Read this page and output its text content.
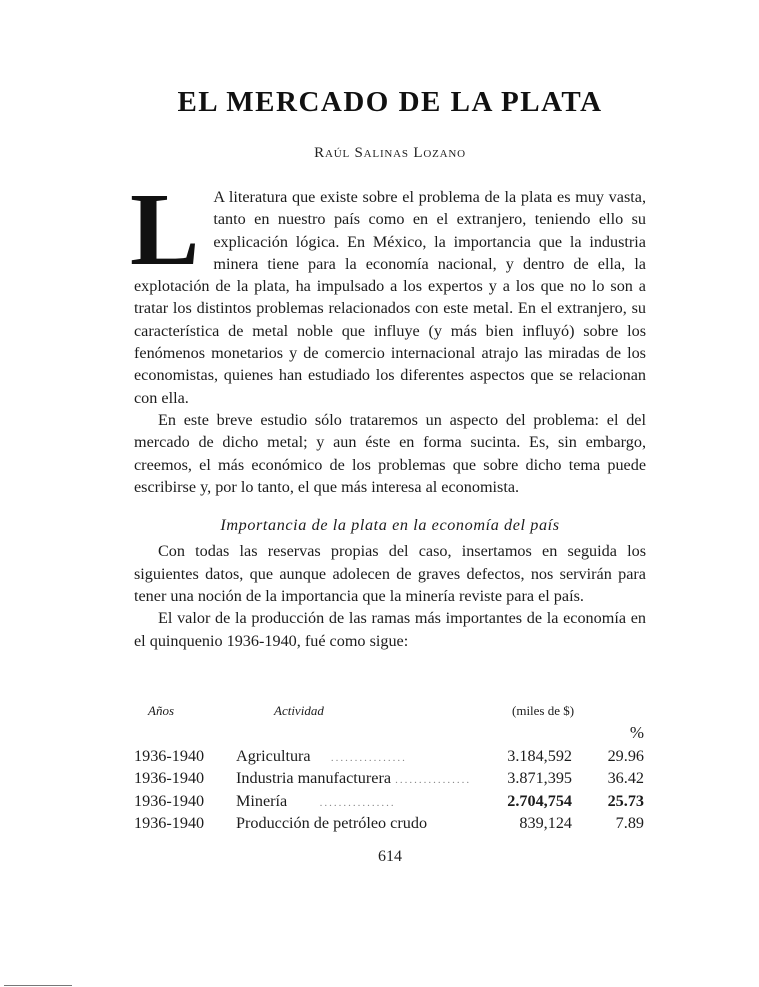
EL MERCADO DE LA PLATA
Raúl Salinas Lozano

L A literatura que existe sobre el problema de la plata es muy vasta, tanto en nuestro país como en el extranjero, teniendo ello su explicación lógica. En México, la importancia que la industria minera tiene para la economía nacional, y dentro de ella, la explotación de la plata, ha impulsado a los expertos y a los que no lo son a tratar los distintos problemas relacionados con este metal. En el extranjero, su característica de metal noble que influye (y más bien influyó) sobre los fenómenos monetarios y de comercio internacional atrajo las miradas de los economistas, quienes han estudiado los diferentes aspectos que se relacionan con ella.

En este breve estudio sólo trataremos un aspecto del problema: el del mercado de dicho metal; y aun éste en forma sucinta. Es, sin embargo, creemos, el más económico de los problemas que sobre dicho tema puede escribirse y, por lo tanto, el que más interesa al economista.

Importancia de la plata en la economía del país

Con todas las reservas propias del caso, insertamos en seguida los siguientes datos, que aunque adolecen de graves defectos, nos servirán para tener una noción de la importancia que la minería reviste para el país.

El valor de la producción de las ramas más importantes de la economía en el quinquenio 1936-1940, fué como sigue:

Años	Actividad	(miles de $)
%
1936-1940 Agricultura ................	3.184,592 29.96
1936-1940 Industria manufacturera ................ 3.871,395 36.42
1936-1940 Minería	................	2.704,754 25.73
1936-1940 Producción de petróleo crudo	839,124	7.89
614
